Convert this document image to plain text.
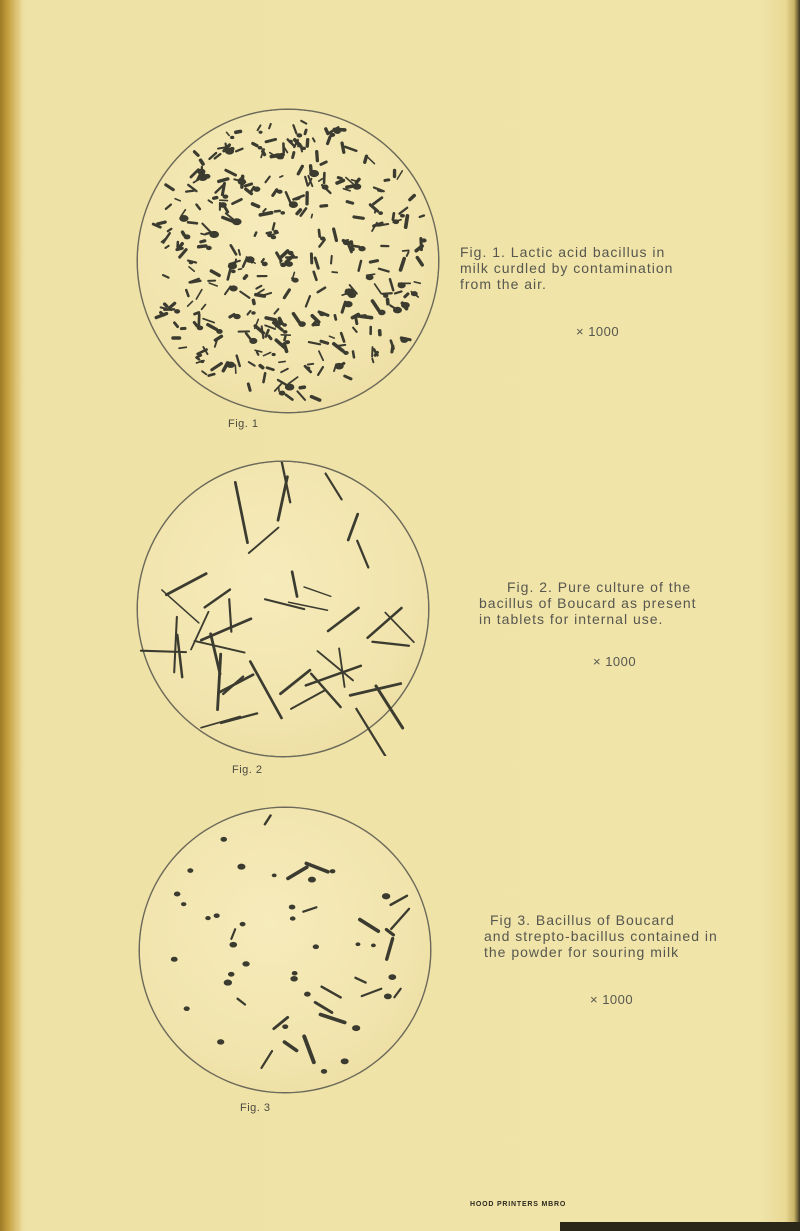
Fig. 1
Fig. 1. Lactic acid bacillus in
milk curdled by contamination
from the air.
× 1000
Fig. 2
Fig. 2. Pure culture of the
bacillus of Boucard as present
in tablets for internal use.
× 1000
Fig. 3
Fig 3. Bacillus of Boucard
and strepto-bacillus contained in
the powder for souring milk
× 1000
HOOD PRINTERS MBRO
